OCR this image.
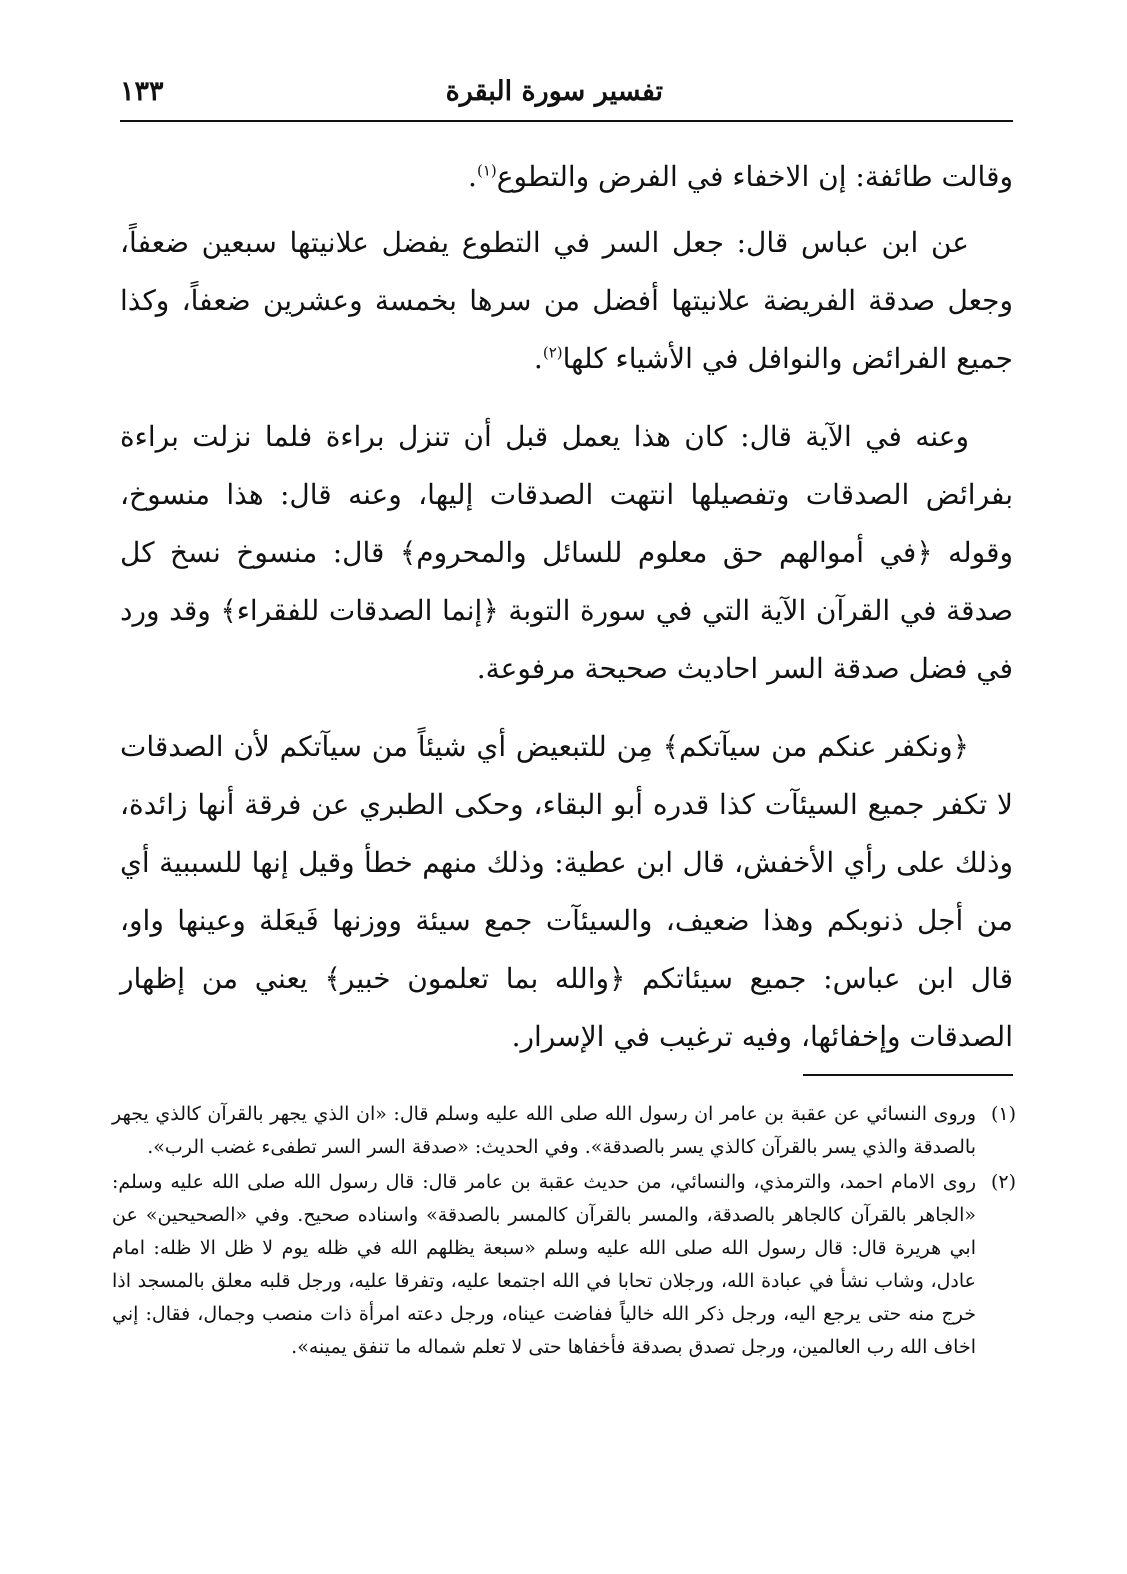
تفسير سورة البقرة
١٣٣

وقالت طائفة: إن الاخفاء في الفرض والتطوع$^{(١)}$.

عن ابن عباس قال: جعل السر في التطوع يفضل علانيتها سبعين ضعفاً، وجعل صدقة الفريضة علانيتها أفضل من سرها بخمسة وعشرين ضعفاً، وكذا جميع الفرائض والنوافل في الأشياء كلها$^{(٢)}$.

وعنه في الآية قال: كان هذا يعمل قبل أن تنزل براءة فلما نزلت براءة بفرائض الصدقات وتفصيلها انتهت الصدقات إليها، وعنه قال: هذا منسوخ، وقوله ﴿في أموالهم حق معلوم للسائل والمحروم﴾ قال: منسوخ نسخ كل صدقة في القرآن الآية التي في سورة التوبة ﴿إنما الصدقات للفقراء﴾ وقد ورد في فضل صدقة السر احاديث صحيحة مرفوعة.

﴿ونكفر عنكم من سيآتكم﴾ مِن للتبعيض أي شيئاً من سيآتكم لأن الصدقات لا تكفر جميع السيئآت كذا قدره أبو البقاء، وحكى الطبري عن فرقة أنها زائدة، وذلك على رأي الأخفش، قال ابن عطية: وذلك منهم خطأ وقيل إنها للسببية أي من أجل ذنوبكم وهذا ضعيف، والسيئآت جمع سيئة ووزنها فَيعَلة وعينها واو، قال ابن عباس: جميع سيئاتكم ﴿والله بما تعلمون خبير﴾ يعني من إظهار الصدقات وإخفائها، وفيه ترغيب في الإسرار.

(١)
وروى النسائي عن عقبة بن عامر ان رسول الله صلى الله عليه وسلم قال: «ان الذي يجهر بالقرآن كالذي يجهر بالصدقة والذي يسر بالقرآن كالذي يسر بالصدقة». وفي الحديث: «صدقة السر السر تطفىء غضب الرب».

(٢)
روى الامام احمد، والترمذي، والنسائي، من حديث عقبة بن عامر قال: قال رسول الله صلى الله عليه وسلم: «الجاهر بالقرآن كالجاهر بالصدقة، والمسر بالقرآن كالمسر بالصدقة» واسناده صحيح. وفي «الصحيحين» عن ابي هريرة قال: قال رسول الله صلى الله عليه وسلم «سبعة يظلهم الله في ظله يوم لا ظل الا ظله: امام عادل، وشاب نشأ في عبادة الله، ورجلان تحابا في الله اجتمعا عليه، وتفرقا عليه، ورجل قلبه معلق بالمسجد اذا خرج منه حتى يرجع اليه، ورجل ذكر الله خالياً ففاضت عيناه، ورجل دعته امرأة ذات منصب وجمال، فقال: إني اخاف الله رب العالمين، ورجل تصدق بصدقة فأخفاها حتى لا تعلم شماله ما تنفق يمينه».
